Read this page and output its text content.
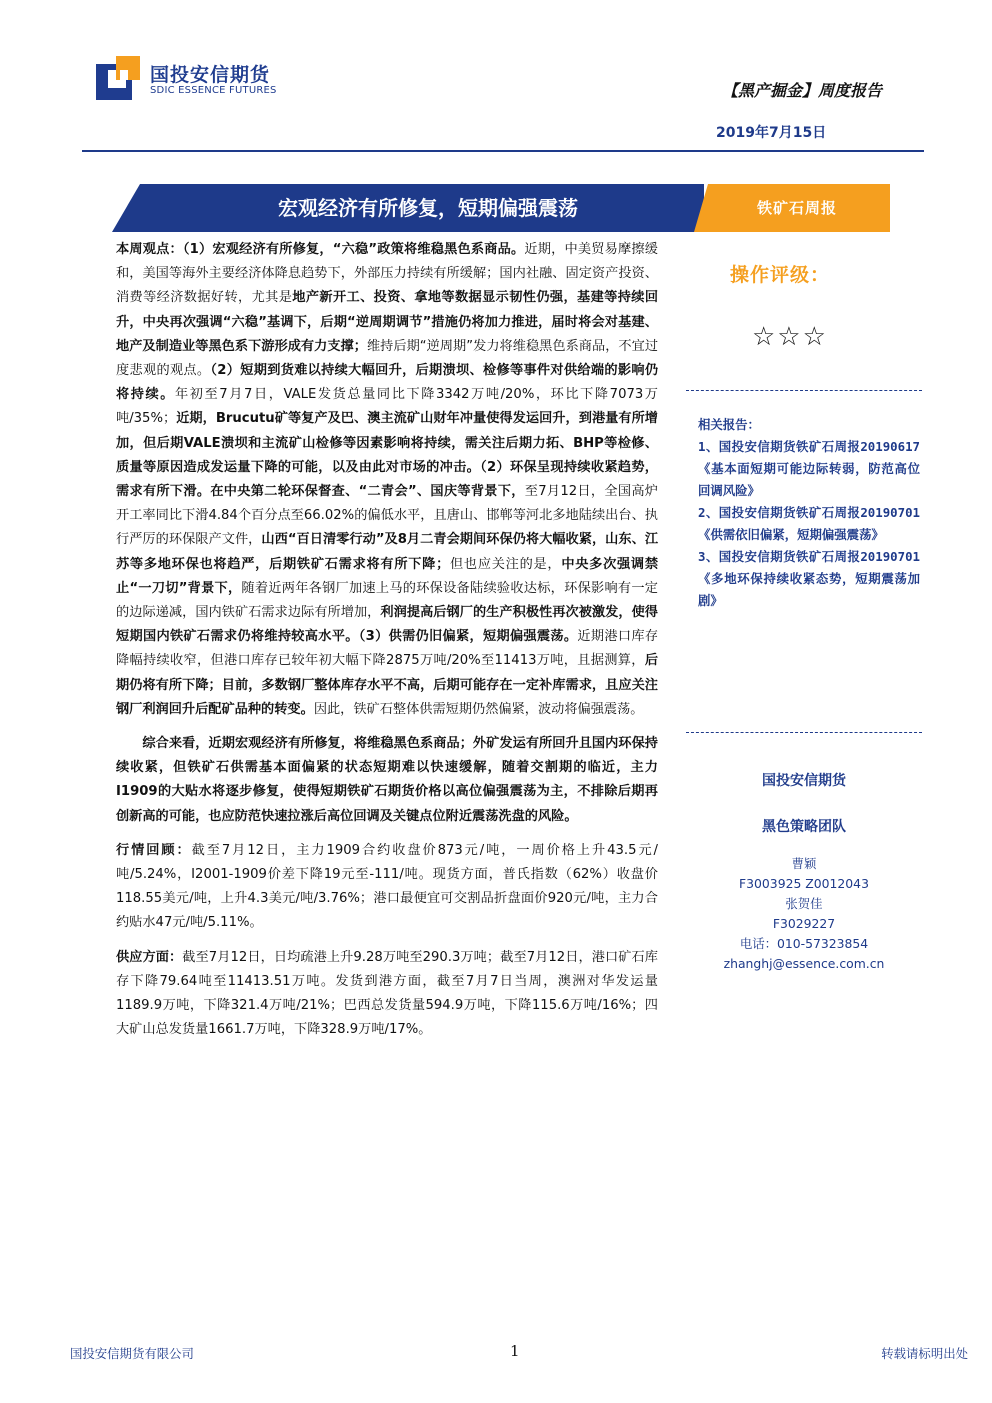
国投安信期货
SDIC ESSENCE FUTURES	【黑产掘金】周度报告
2019年7月15日
宏观经济有所修复，短期偏强震荡	铁矿石周报

本周观点：（1）宏观经济有所修复，“六稳”政策将维稳黑色系商品。近期，中美贸易摩擦缓和，美国等海外主要经济体降息趋势下，外部压力持续有所缓解；国内社融、固定资产投资、消费等经济数据好转，尤其是地产新开工、投资、拿地等数据显示韧性仍强，基建等持续回升，中央再次强调“六稳”基调下，后期“逆周期调节”措施仍将加力推进，届时将会对基建、地产及制造业等黑色系下游形成有力支撑；维持后期“逆周期”发力将维稳黑色系商品，不宜过度悲观的观点。（2）短期到货难以持续大幅回升，后期溃坝、检修等事件对供给端的影响仍将持续。年初至7月7日，VALE发货总量同比下降3342万吨/20%，环比下降7073万吨/35%；近期，Brucutu矿等复产及巴、澳主流矿山财年冲量使得发运回升，到港量有所增加，但后期VALE溃坝和主流矿山检修等因素影响将持续，需关注后期力拓、BHP等检修、质量等原因造成发运量下降的可能，以及由此对市场的冲击。（2）环保呈现持续收紧趋势，需求有所下滑。在中央第二轮环保督查、“二青会”、国庆等背景下，至7月12日，全国高炉开工率同比下滑4.84个百分点至66.02%的偏低水平，且唐山、邯郸等河北多地陆续出台、执行严厉的环保限产文件，山西“百日清零行动”及8月二青会期间环保仍将大幅收紧，山东、江苏等多地环保也将趋严，后期铁矿石需求将有所下降；但也应关注的是，中央多次强调禁止“一刀切”背景下，随着近两年各钢厂加速上马的环保设备陆续验收达标，环保影响有一定的边际递减，国内铁矿石需求边际有所增加，利润提高后钢厂的生产积极性再次被激发，使得短期国内铁矿石需求仍将维持较高水平。（3）供需仍旧偏紧，短期偏强震荡。近期港口库存降幅持续收窄，但港口库存已较年初大幅下降2875万吨/20%至11413万吨，且据测算，后期仍将有所下降；目前，多数钢厂整体库存水平不高，后期可能存在一定补库需求，且应关注钢厂利润回升后配矿品种的转变。因此，铁矿石整体供需短期仍然偏紧，波动将偏强震荡。

综合来看，近期宏观经济有所修复，将维稳黑色系商品；外矿发运有所回升且国内环保持续收紧，但铁矿石供需基本面偏紧的状态短期难以快速缓解，随着交割期的临近，主力I1909的大贴水将逐步修复，使得短期铁矿石期货价格以高位偏强震荡为主，不排除后期再创新高的可能，也应防范快速拉涨后高位回调及关键点位附近震荡洗盘的风险。

行情回顾：截至7月12日，主力1909合约收盘价873元/吨，一周价格上升43.5元/吨/5.24%，I2001-1909价差下降19元至-111/吨。现货方面，普氏指数（62%）收盘价118.55美元/吨，上升4.3美元/吨/3.76%；港口最便宜可交割品折盘面价920元/吨，主力合约贴水47元/吨/5.11%。

供应方面：截至7月12日，日均疏港上升9.28万吨至290.3万吨；截至7月12日，港口矿石库存下降79.64吨至11413.51万吨。发货到港方面，截至7月7日当周，澳洲对华发运量1189.9万吨，下降321.4万吨/21%；巴西总发货量594.9万吨，下降115.6万吨/16%；四大矿山总发货量1661.7万吨，下降328.9万吨/17%。

操作评级：
☆☆☆
相关报告：
1、国投安信期货铁矿石周报20190617《基本面短期可能边际转弱，防范高位回调风险》
2、国投安信期货铁矿石周报20190701《供需依旧偏紧，短期偏强震荡》
3、国投安信期货铁矿石周报20190701《多地环保持续收紧态势，短期震荡加剧》
国投安信期货
黑色策略团队
曹颖
F3003925 Z0012043
张贺佳
F3029227
电话：010-57323854
zhanghj@essence.com.cn
国投安信期货有限公司	1	转载请标明出处
